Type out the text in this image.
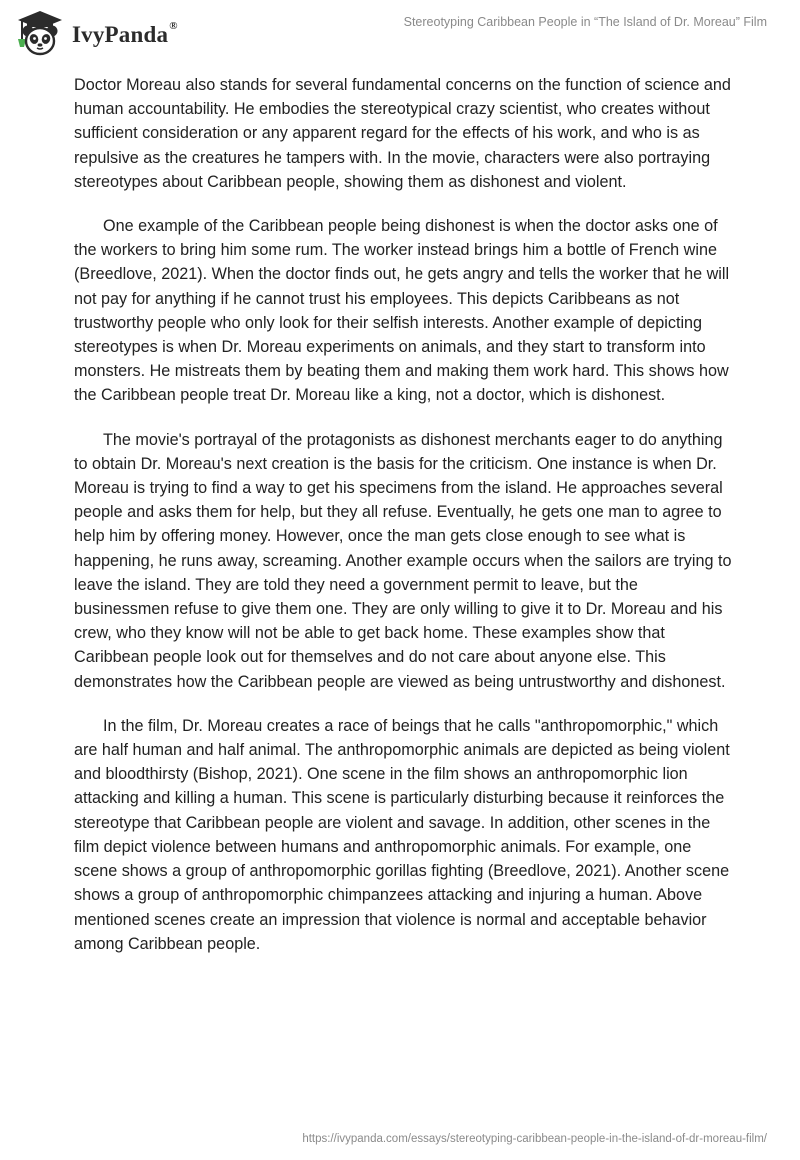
IvyPanda®	Stereotyping Caribbean People in “The Island of Dr. Moreau” Film

Doctor Moreau also stands for several fundamental concerns on the function of science and human accountability. He embodies the stereotypical crazy scientist, who creates without sufficient consideration or any apparent regard for the effects of his work, and who is as repulsive as the creatures he tampers with. In the movie, characters were also portraying stereotypes about Caribbean people, showing them as dishonest and violent.

One example of the Caribbean people being dishonest is when the doctor asks one of the workers to bring him some rum. The worker instead brings him a bottle of French wine (Breedlove, 2021). When the doctor finds out, he gets angry and tells the worker that he will not pay for anything if he cannot trust his employees. This depicts Caribbeans as not trustworthy people who only look for their selfish interests. Another example of depicting stereotypes is when Dr. Moreau experiments on animals, and they start to transform into monsters. He mistreats them by beating them and making them work hard. This shows how the Caribbean people treat Dr. Moreau like a king, not a doctor, which is dishonest.

The movie's portrayal of the protagonists as dishonest merchants eager to do anything to obtain Dr. Moreau's next creation is the basis for the criticism. One instance is when Dr. Moreau is trying to find a way to get his specimens from the island. He approaches several people and asks them for help, but they all refuse. Eventually, he gets one man to agree to help him by offering money. However, once the man gets close enough to see what is happening, he runs away, screaming. Another example occurs when the sailors are trying to leave the island. They are told they need a government permit to leave, but the businessmen refuse to give them one. They are only willing to give it to Dr. Moreau and his crew, who they know will not be able to get back home. These examples show that Caribbean people look out for themselves and do not care about anyone else. This demonstrates how the Caribbean people are viewed as being untrustworthy and dishonest.

In the film, Dr. Moreau creates a race of beings that he calls "anthropomorphic," which are half human and half animal. The anthropomorphic animals are depicted as being violent and bloodthirsty (Bishop, 2021). One scene in the film shows an anthropomorphic lion attacking and killing a human. This scene is particularly disturbing because it reinforces the stereotype that Caribbean people are violent and savage. In addition, other scenes in the film depict violence between humans and anthropomorphic animals. For example, one scene shows a group of anthropomorphic gorillas fighting (Breedlove, 2021). Another scene shows a group of anthropomorphic chimpanzees attacking and injuring a human. Above mentioned scenes create an impression that violence is normal and acceptable behavior among Caribbean people.

https://ivypanda.com/essays/stereotyping-caribbean-people-in-the-island-of-dr-moreau-film/
